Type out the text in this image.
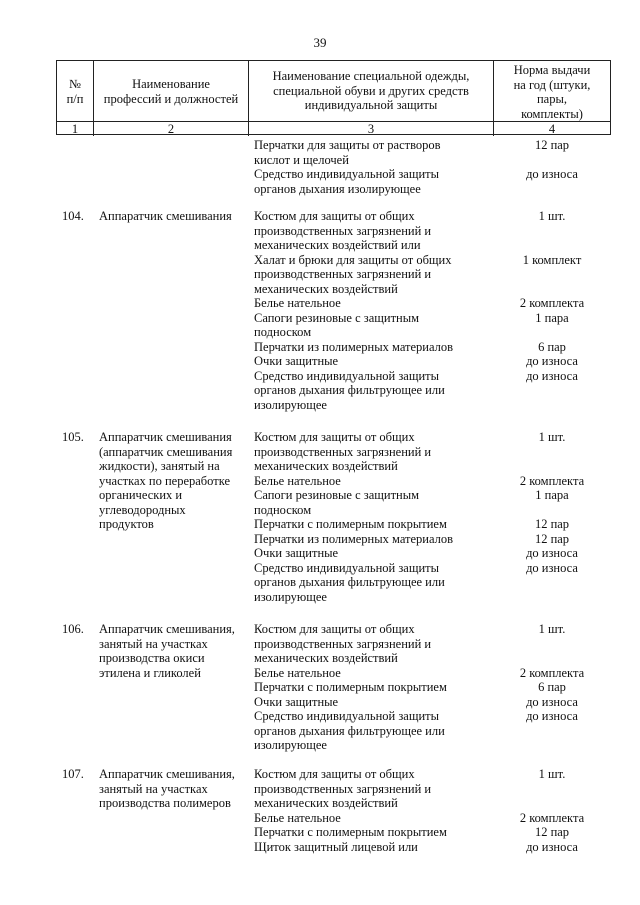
39
№
п/п
1
Наименование
профессий и должностей
2
Наименование специальной одежды,
специальной обуви и других средств
индивидуальной защиты
3
Норма выдачи
на год (штуки,
пары,
комплекты)
4
Перчатки для защиты от растворов
кислот и щелочей
Средство индивидуальной защиты
органов дыхания изолирующее
12 пар
до износа
104. Аппаратчик смешивания	Костюм для защиты от общих
производственных загрязнений и
механических воздействий или
Халат и брюки для защиты от общих
производственных загрязнений и
механических воздействий
Белье нательное
Сапоги резиновые с защитным
подноском
Перчатки из полимерных материалов
Очки защитные
Средство индивидуальной защиты
органов дыхания фильтрующее или
изолирующее
1 шт.
1 комплект
2 комплекта
1 пара
6 пар
до износа
до износа
105. Аппаратчик смешивания
(аппаратчик смешивания
жидкости), занятый на
участках по переработке
органических и
углеводородных
продуктов
Костюм для защиты от общих
производственных загрязнений и
механических воздействий
Белье нательное
Сапоги резиновые с защитным
подноском
Перчатки с полимерным покрытием
Перчатки из полимерных материалов
Очки защитные
Средство индивидуальной защиты
органов дыхания фильтрующее или
изолирующее
1 шт.
2 комплекта
1 пара
12 пар
12 пар
до износа
до износа
106. Аппаратчик смешивания,
занятый на участках
производства окиси
этилена и гликолей
Костюм для защиты от общих
производственных загрязнений и
механических воздействий
Белье нательное
Перчатки с полимерным покрытием
Очки защитные
Средство индивидуальной защиты
органов дыхания фильтрующее или
изолирующее
1 шт.
2 комплекта
6 пар
до износа
до износа
107. Аппаратчик смешивания,
занятый на участках
производства полимеров
Костюм для защиты от общих
производственных загрязнений и
механических воздействий
Белье нательное
Перчатки с полимерным покрытием
Щиток защитный лицевой или
1 шт.
2 комплекта
12 пар
до износа
